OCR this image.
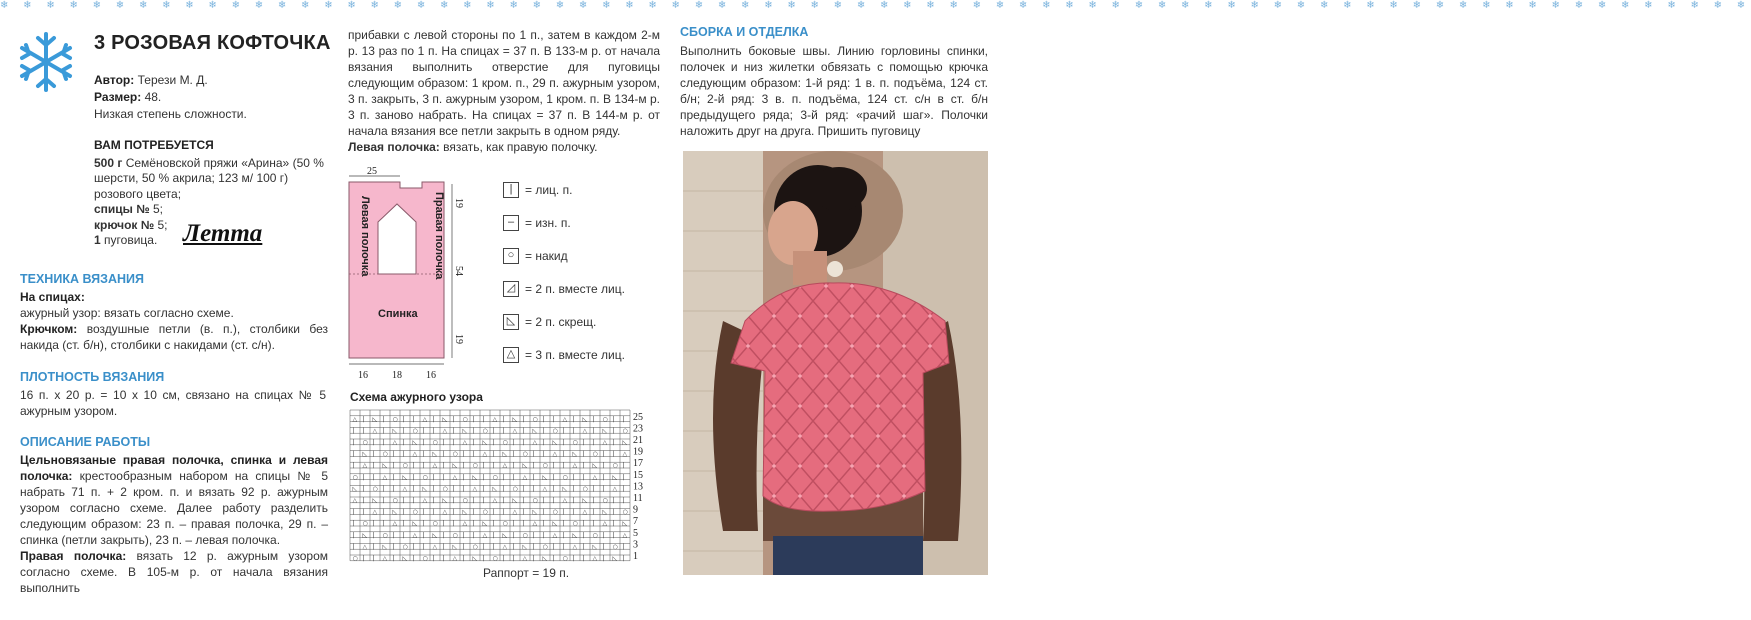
❄ ❄ ❄ ❄ ❄ ❄ ❄ ❄ ❄ ❄ ❄ ❄ ❄ ❄ ❄ ❄ ❄ ❄ ❄ ❄ ❄ ❄ ❄ ❄ ❄ ❄ ❄ ❄ ❄ ❄ ❄ ❄ ❄ ❄ ❄ ❄ ❄ ❄ ❄ ❄ ❄ ❄ ❄ ❄ ❄ ❄ ❄ ❄ ❄ ❄ ❄ ❄ ❄ ❄ ❄ ❄ ❄ ❄ ❄ ❄ ❄ ❄ ❄ ❄ ❄ ❄ ❄ ❄ ❄ ❄ ❄ ❄ ❄ ❄ ❄ ❄
3 РОЗОВАЯ КОФТОЧКА
Автор: Терези М. Д.
Размер: 48.
Низкая степень сложности.
ВАМ ПОТРЕБУЕТСЯ
500 г Семёновской пряжи «Арина» (50 % шерсти, 50 % акрила; 123 м/ 100 г) розового цвета;
спицы № 5;
крючок № 5;
1 пуговица.	Летта
ТЕХНИКА ВЯЗАНИЯ
На спицах:
ажурный узор: вязать согласно схеме.
Крючком: воздушные петли (в. п.), столбики без накида (ст. б/н), столбики с накидами (ст. с/н).
ПЛОТНОСТЬ ВЯЗАНИЯ
16 п. х 20 р. = 10 х 10 см, связано на спицах № 5 ажурным узором.
ОПИСАНИЕ РАБОТЫ
Цельновязаные правая полочка, спинка и левая полочка: крестообразным набором на спицы № 5 набрать 71 п. + 2 кром. п. и вязать 92 р. ажурным узором согласно схеме. Далее работу разделить следующим образом: 23 п. – правая полочка, 29 п. – спинка (петли закрыть), 23 п. – левая полочка.
Правая полочка: вязать 12 р. ажурным узором согласно схеме. В 105-м р. от начала вязания выполнить
прибавки с левой стороны по 1 п., затем в каждом 2-м р. 13 раз по 1 п. На спицах = 37 п. В 133-м р. от начала вязания выполнить отверстие для пуговицы следующим образом: 1 кром. п., 29 п. ажурным узором, 3 п. закрыть, 3 п. ажурным узором, 1 кром. п. В 134-м р. 3 п. заново набрать. На спицах = 37 п. В 144-м р. от начала вязания все петли закрыть в одном ряду.
Левая полочка: вязать, как правую полочку.
25
Левая полочка	Правая полочка
Спинка
19
54
19
16 18 16
| = лиц. п.
– = изн. п.
○ = накид
◿ = 2 п. вместе лиц.
◺ = 2 п. скрещ.
△ = 3 п. вместе лиц.
Схема ажурного узора
○ | | △ | ◺ | ○ | | △ | ◺ | ○ | | △ | ◺ | ○ | | △ | ◺ |
| △ | ◺ | ○ | | △ | ◺ | ○ | | △ | ◺ | ○ | | △ | ◺ | ○ |
| ◺ | ○ | | △ | ◺ | ○ | | △ | ◺ | ○ | | △ | ◺ | ○ | | △
| ○ | | △ | ◺ | ○ | | △ | ◺ | ○ | | △ | ◺ | ○ | | △ | ◺
| | △ | ◺ | ○ | | △ | ◺ | ○ | | △ | ◺ | ○ | | △ | ◺ | ○
△ | ◺ | ○ | | △ | ◺ | ○ | | △ | ◺ | ○ | | △ | ◺ | ○ | |
◺ | ○ | | △ | ◺ | ○ | | △ | ◺ | ○ | | △ | ◺ | ○ | | △ |
○ | | △ | ◺ | ○ | | △ | ◺ | ○ | | △ | ◺ | ○ | | △ | ◺ |
| △ | ◺ | ○ | | △ | ◺ | ○ | | △ | ◺ | ○ | | △ | ◺ | ○ |
| ◺ | ○ | | △ | ◺ | ○ | | △ | ◺ | ○ | | △ | ◺ | ○ | | △
| ○ | | △ | ◺ | ○ | | △ | ◺ | ○ | | △ | ◺ | ○ | | △ | ◺
| | △ | ◺ | ○ | | △ | ◺ | ○ | | △ | ◺ | ○ | | △ | ◺ | ○
△ | ◺ | ○ | | △ | ◺ | ○ | | △ | ◺ | ○ | | △ | ◺ | ○ | | 25
23
21
19
17
15
13
11
9
7
5
3
1
Раппорт = 19 п.
СБОРКА И ОТДЕЛКА
Выполнить боковые швы. Линию горловины спинки, полочек и низ жилетки обвязать с помощью крючка следующим образом: 1-й ряд: 1 в. п. подъёма, 124 ст. б/н; 2-й ряд: 3 в. п. подъёма, 124 ст. с/н в ст. б/н предыдущего ряда; 3-й ряд: «рачий шаг». Полочки наложить друг на друга. Пришить пуговицу
